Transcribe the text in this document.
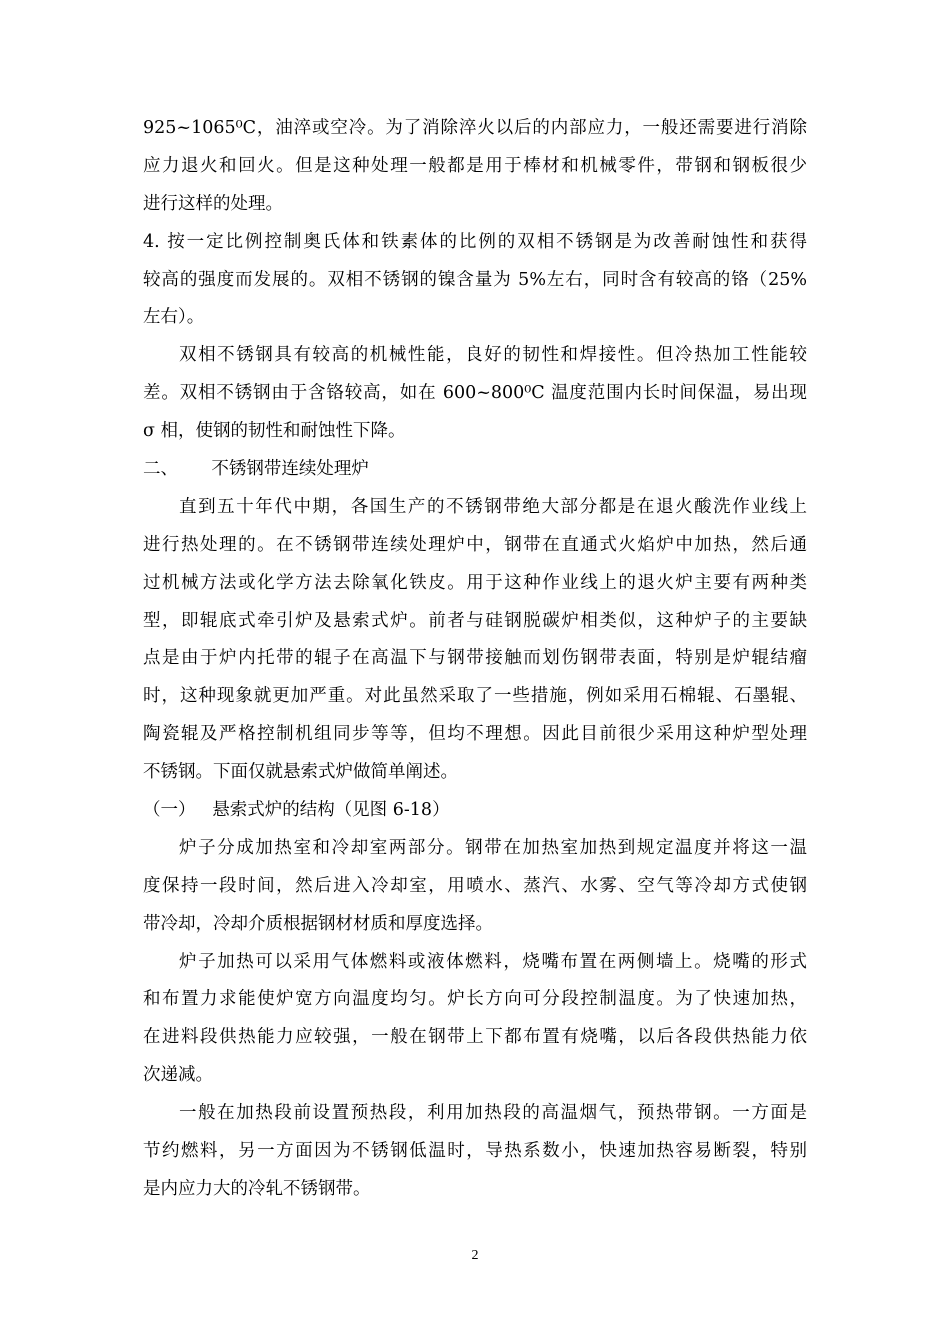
925~1065⁰C，油淬或空冷。为了消除淬火以后的内部应力，一般还需要进行消除
应力退火和回火。但是这种处理一般都是用于棒材和机械零件，带钢和钢板很少
进行这样的处理。
4. 按一定比例控制奥氏体和铁素体的比例的双相不锈钢是为改善耐蚀性和获得
较高的强度而发展的。双相不锈钢的镍含量为 5%左右，同时含有较高的铬（25%
左右）。
双相不锈钢具有较高的机械性能，良好的韧性和焊接性。但冷热加工性能较
差。双相不锈钢由于含铬较高，如在 600~800⁰C 温度范围内长时间保温，易出现
σ 相，使钢的韧性和耐蚀性下降。
二、      不锈钢带连续处理炉
直到五十年代中期，各国生产的不锈钢带绝大部分都是在退火酸洗作业线上
进行热处理的。在不锈钢带连续处理炉中，钢带在直通式火焰炉中加热，然后通
过机械方法或化学方法去除氧化铁皮。用于这种作业线上的退火炉主要有两种类
型，即辊底式牵引炉及悬索式炉。前者与硅钢脱碳炉相类似，这种炉子的主要缺
点是由于炉内托带的辊子在高温下与钢带接触而划伤钢带表面，特别是炉辊结瘤
时，这种现象就更加严重。对此虽然采取了一些措施，例如采用石棉辊、石墨辊、
陶瓷辊及严格控制机组同步等等，但均不理想。因此目前很少采用这种炉型处理
不锈钢。下面仅就悬索式炉做简单阐述。
（一）   悬索式炉的结构（见图 6-18）
炉子分成加热室和冷却室两部分。钢带在加热室加热到规定温度并将这一温
度保持一段时间，然后进入冷却室，用喷水、蒸汽、水雾、空气等冷却方式使钢
带冷却，冷却介质根据钢材材质和厚度选择。
炉子加热可以采用气体燃料或液体燃料，烧嘴布置在两侧墙上。烧嘴的形式
和布置力求能使炉宽方向温度均匀。炉长方向可分段控制温度。为了快速加热，
在进料段供热能力应较强，一般在钢带上下都布置有烧嘴，以后各段供热能力依
次递减。
一般在加热段前设置预热段，利用加热段的高温烟气，预热带钢。一方面是
节约燃料，另一方面因为不锈钢低温时，导热系数小，快速加热容易断裂，特别
是内应力大的冷轧不锈钢带。
2
